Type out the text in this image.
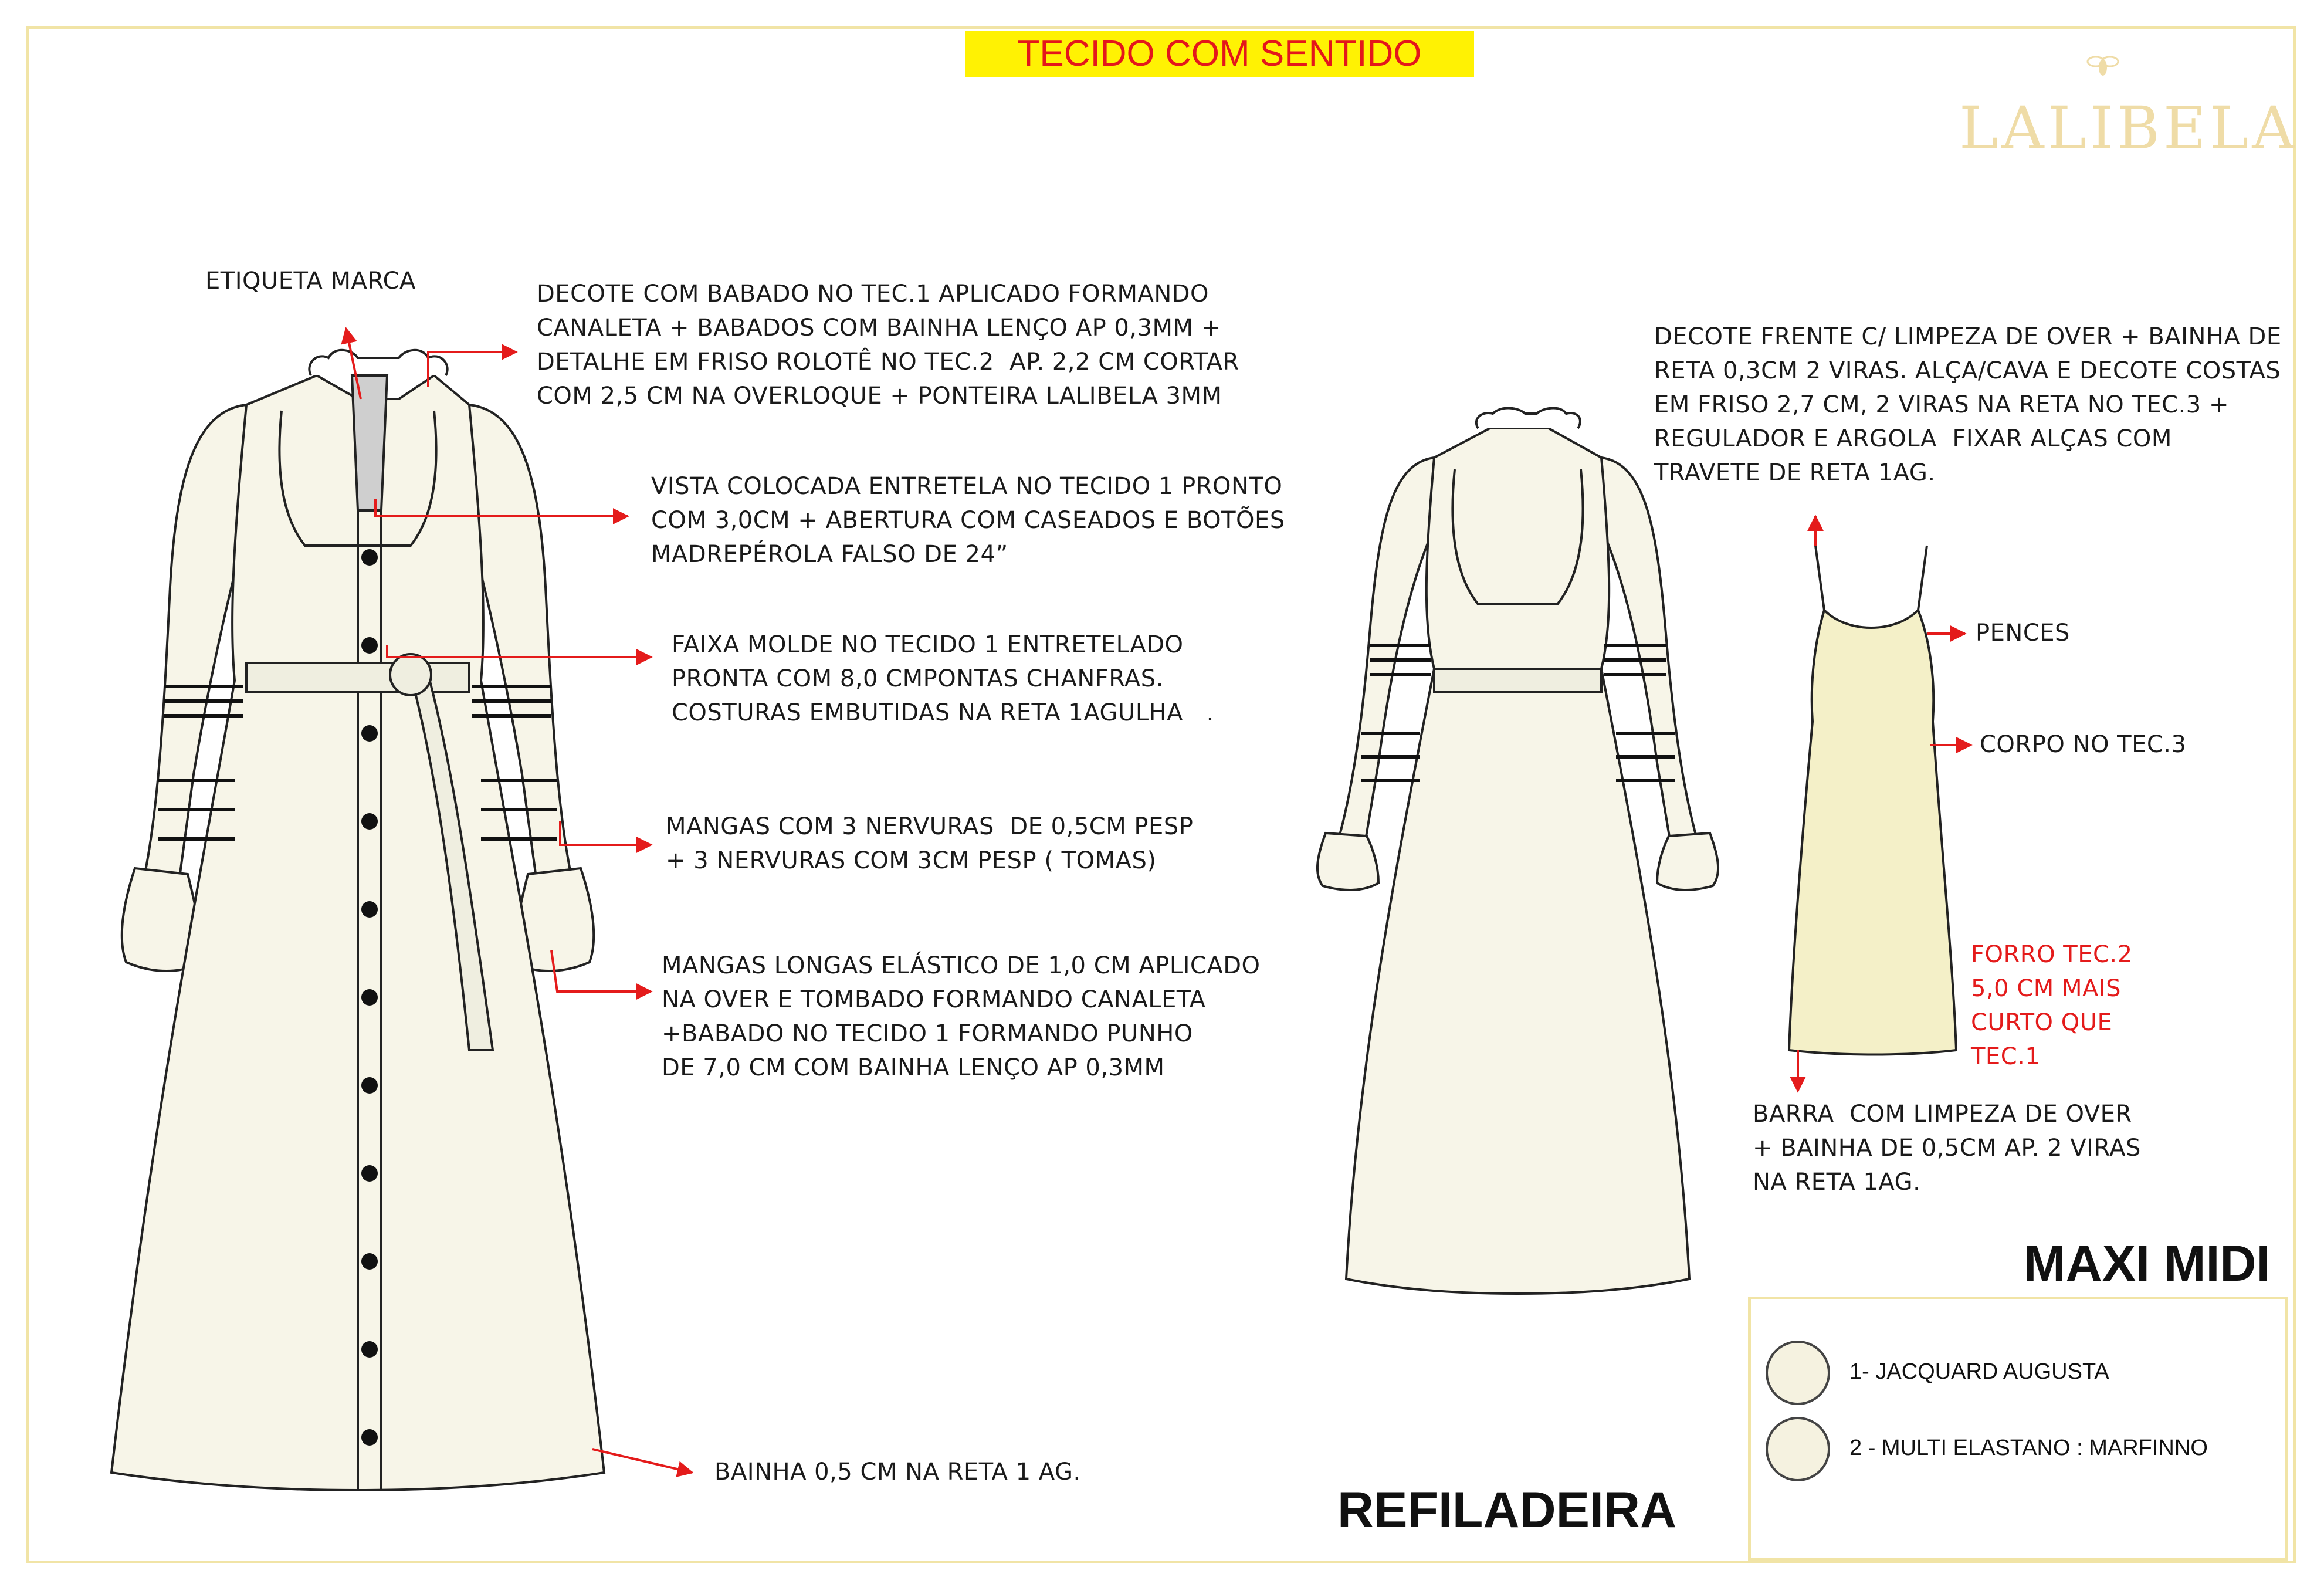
TECIDO COM SENTIDO
LALIBELA
ETIQUETA MARCA	DECOTE COM BABADO NO TEC.1 APLICADO FORMANDO
CANALETA + BABADOS COM BAINHA LENÇO AP 0,3MM +
DETALHE EM FRISO ROLOTÊ NO TEC.2  AP. 2,2 CM CORTAR
COM 2,5 CM NA OVERLOQUE + PONTEIRA LALIBELA 3MM
VISTA COLOCADA ENTRETELA NO TECIDO 1 PRONTO
COM 3,0CM + ABERTURA COM CASEADOS E BOTÕES
MADREPÉROLA FALSO DE 24”
FAIXA MOLDE NO TECIDO 1 ENTRETELADO
PRONTA COM 8,0 CMPONTAS CHANFRAS.
COSTURAS EMBUTIDAS NA RETA 1AGULHA   .
MANGAS COM 3 NERVURAS  DE 0,5CM PESP
+ 3 NERVURAS COM 3CM PESP ( TOMAS)
MANGAS LONGAS ELÁSTICO DE 1,0 CM APLICADO
NA OVER E TOMBADO FORMANDO CANALETA
+BABADO NO TECIDO 1 FORMANDO PUNHO
DE 7,0 CM COM BAINHA LENÇO AP 0,3MM
BAINHA 0,5 CM NA RETA 1 AG.
DECOTE FRENTE C/ LIMPEZA DE OVER + BAINHA DE
RETA 0,3CM 2 VIRAS. ALÇA/CAVA E DECOTE COSTAS
EM FRISO 2,7 CM, 2 VIRAS NA RETA NO TEC.3 +
REGULADOR E ARGOLA  FIXAR ALÇAS COM
TRAVETE DE RETA 1AG.
PENCES
CORPO NO TEC.3
FORRO TEC.2
5,0 CM MAIS
CURTO QUE
TEC.1
BARRA  COM LIMPEZA DE OVER
+ BAINHA DE 0,5CM AP. 2 VIRAS
NA RETA 1AG.
MAXI MIDI
REFILADEIRA
1- JACQUARD AUGUSTA
2 - MULTI ELASTANO : MARFINNO
